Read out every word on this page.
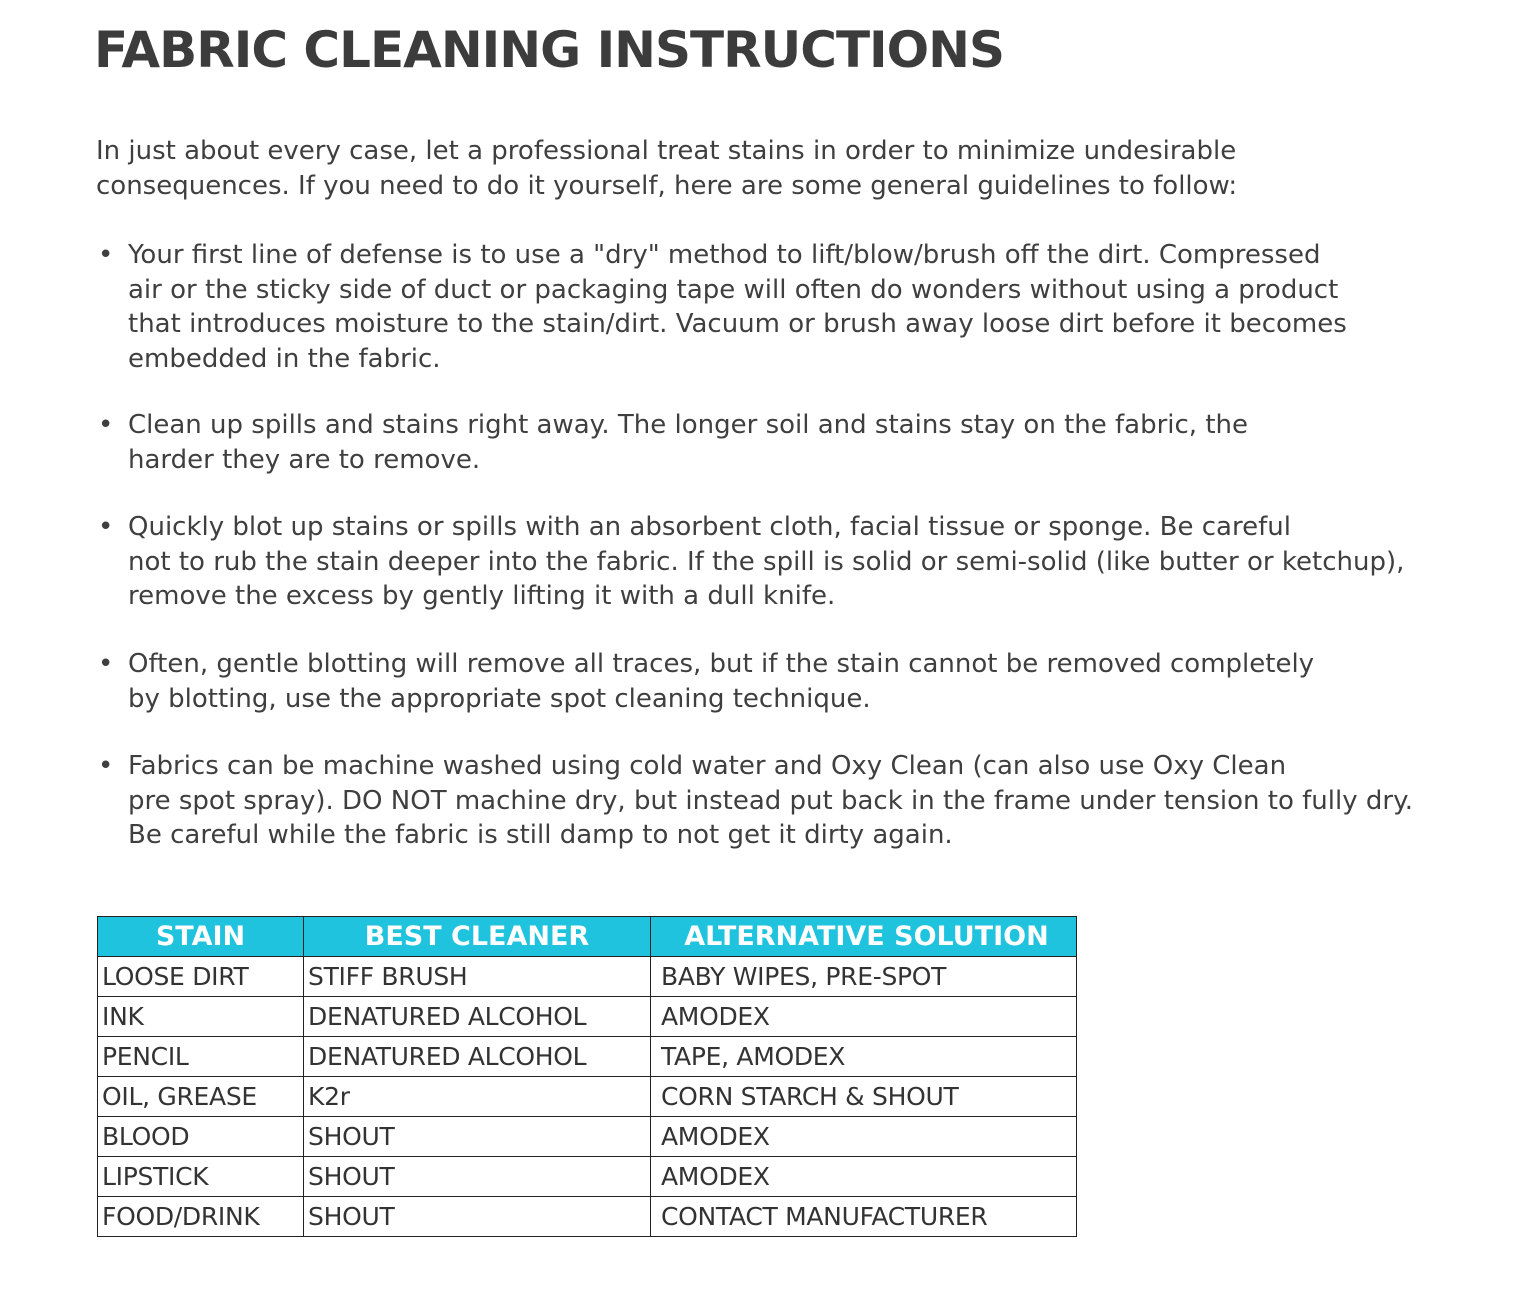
FABRIC CLEANING INSTRUCTIONS

In just about every case, let a professional treat stains in order to minimize undesirable
consequences. If you need to do it yourself, here are some general guidelines to follow:

• Your first line of defense is to use a "dry" method to lift/blow/brush off the dirt. Compressed
air or the sticky side of duct or packaging tape will often do wonders without using a product
that introduces moisture to the stain/dirt. Vacuum or brush away loose dirt before it becomes
embedded in the fabric.
• Clean up spills and stains right away. The longer soil and stains stay on the fabric, the
harder they are to remove.
• Quickly blot up stains or spills with an absorbent cloth, facial tissue or sponge. Be careful
not to rub the stain deeper into the fabric. If the spill is solid or semi-solid (like butter or ketchup),
remove the excess by gently lifting it with a dull knife.
• Often, gentle blotting will remove all traces, but if the stain cannot be removed completely
by blotting, use the appropriate spot cleaning technique.
• Fabrics can be machine washed using cold water and Oxy Clean (can also use Oxy Clean
pre spot spray). DO NOT machine dry, but instead put back in the frame under tension to fully dry.
Be careful while the fabric is still damp to not get it dirty again.
STAIN	BEST CLEANER	ALTERNATIVE SOLUTION
LOOSE DIRT	STIFF BRUSH	BABY WIPES, PRE-SPOT
INK	DENATURED ALCOHOL	AMODEX
PENCIL	DENATURED ALCOHOL	TAPE, AMODEX
OIL, GREASE	K2r	CORN STARCH & SHOUT
BLOOD	SHOUT	AMODEX
LIPSTICK	SHOUT	AMODEX
FOOD/DRINK	SHOUT	CONTACT MANUFACTURER
